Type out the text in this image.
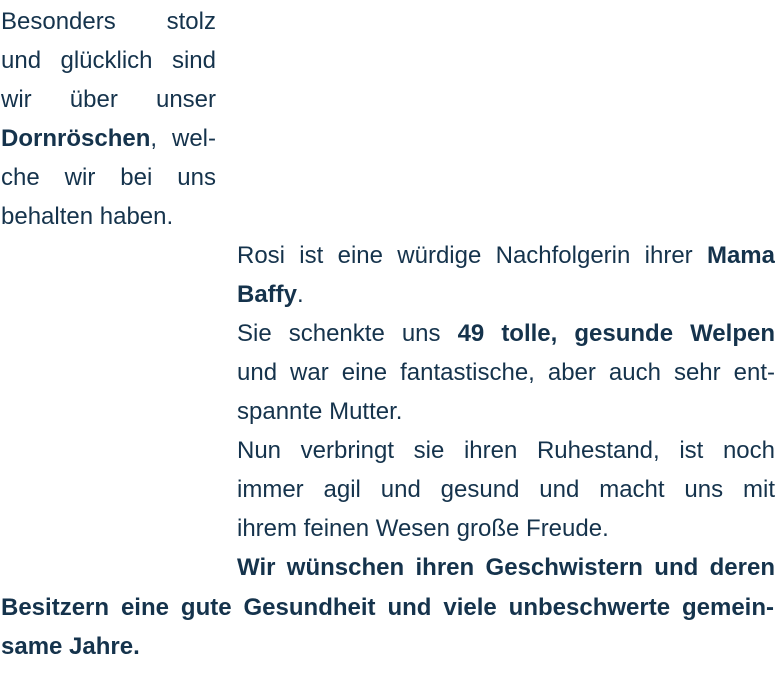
Besonders stolz
und glücklich sind
wir über unser
Dornröschen, wel-
che wir bei uns
behalten haben.
Rosi ist eine würdige Nachfolgerin ihrer Mama
Baffy.
Sie schenkte uns 49 tolle, gesunde Welpen
und war eine fantastische, aber auch sehr ent-
spannte Mutter.
Nun verbringt sie ihren Ruhestand, ist noch
immer agil und gesund und macht uns mit
ihrem feinen Wesen große Freude.
Wir wünschen ihren Geschwistern und deren
Besitzern eine gute Gesundheit und viele unbeschwerte gemein-
same Jahre.
